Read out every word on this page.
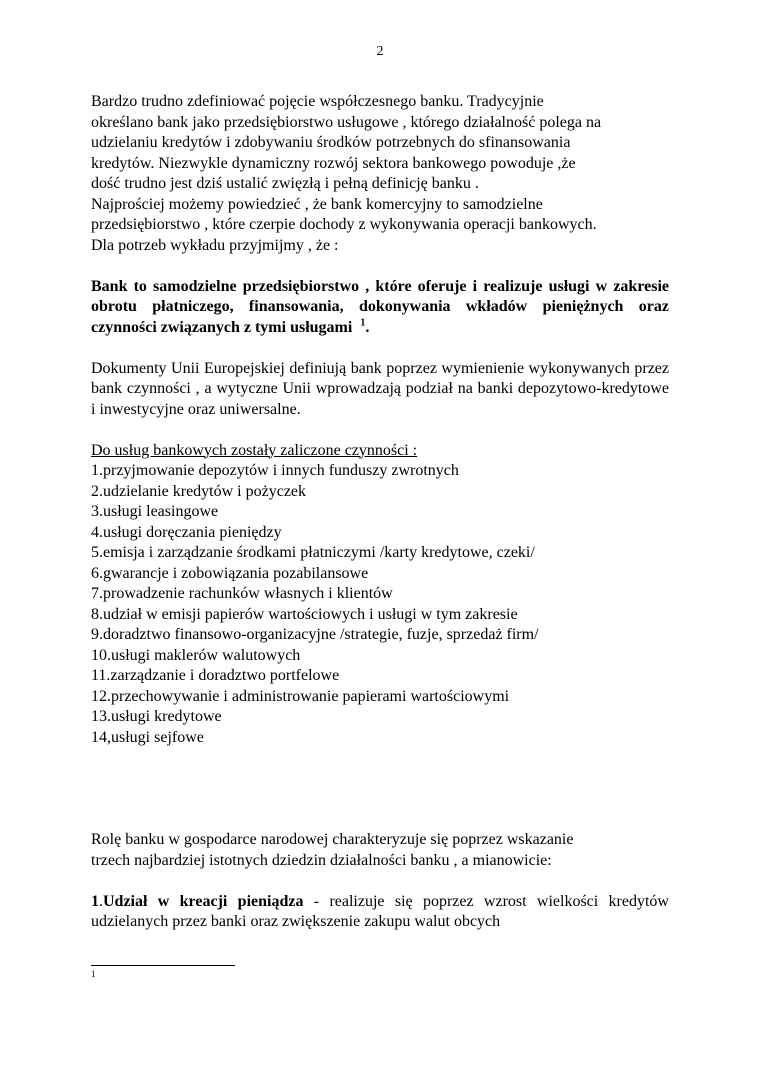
2
Bardzo trudno zdefiniować pojęcie współczesnego banku. Tradycyjnie
określano bank jako przedsiębiorstwo usługowe , którego działalność polega na
udzielaniu kredytów i zdobywaniu środków potrzebnych do sfinansowania
kredytów. Niezwykle dynamiczny rozwój sektora bankowego powoduje ,że
dość trudno jest dziś ustalić zwięzłą i pełną definicję banku .
Najprościej możemy powiedzieć , że bank komercyjny to samodzielne
przedsiębiorstwo , które czerpie dochody z wykonywania operacji bankowych.
Dla potrzeb wykładu przyjmijmy , że :

Bank to samodzielne przedsiębiorstwo , które oferuje i realizuje usługi w zakresie obrotu płatniczego, finansowania, dokonywania wkładów pieniężnych oraz czynności związanych z tymi usługami $^1$.

Dokumenty Unii Europejskiej definiują bank poprzez wymienienie wykonywanych przez bank czynności , a wytyczne Unii wprowadzają podział na banki depozytowo-kredytowe i inwestycyjne oraz uniwersalne.

Do usług bankowych zostały zaliczone czynności :

1.przyjmowanie depozytów i innych funduszy zwrotnych
2.udzielanie kredytów i pożyczek
3.usługi leasingowe
4.usługi doręczania pieniędzy
5.emisja i zarządzanie środkami płatniczymi /karty kredytowe, czeki/
6.gwarancje i zobowiązania pozabilansowe
7.prowadzenie rachunków własnych i klientów
8.udział w emisji papierów wartościowych i usługi w tym zakresie
9.doradztwo finansowo-organizacyjne /strategie, fuzje, sprzedaż firm/
10.usługi maklerów walutowych
11.zarządzanie i doradztwo portfelowe
12.przechowywanie i administrowanie papierami wartościowymi
13.usługi kredytowe
14,usługi sejfowe
Rolę banku w gospodarce narodowej charakteryzuje się poprzez wskazanie
trzech najbardziej istotnych dziedzin działalności banku , a mianowicie:

1.Udział w kreacji pieniądza - realizuje się poprzez wzrost wielkości kredytów udzielanych przez banki oraz zwiększenie zakupu walut obcych

1
